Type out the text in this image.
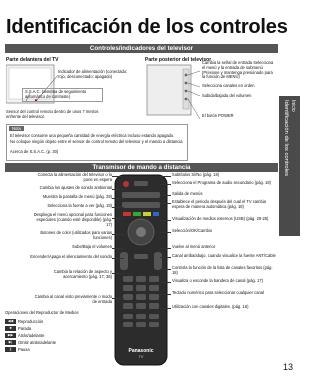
Identificación de los controles
Inicio
Identificación de los controles
Controles/indicadores del televisor
Parte delantera del TV	Parte posterior del televisor
Indicador de alimentación (conectado: rojo, desconectado: apagado)
S.S.A.C. (sistema de seguimiento automático de contraste)
Sensor del control remoto dentro de unos 7 metros enfrente del televisor.
Cambia la señal de entrada Selecciona el menú y la entrada de submenú (Presione y mantenga presionado para la función de MENÚ)
Selecciona canales en orden
Subida/bajada del volumen
El botón POWER
Nota
El televisor consume una pequeña cantidad de energía eléctrica incluso estando apagado.
No coloque ningún objeto entre el sensor de control remoto del televisor y el mando a distancia
Acerca de S.S.A.C. (p. 30)
Transmisor de mando a distancia
Panasonic
TV
Conecta la alimentación del televisor o lo pone en espera
Cambia los ajustes de sonido ambiental
Muestra la pantalla de menú (pág. 29)
Selecciona la fuente a ver (pág. 19)
Despliega el menú opcional para funciones especiales (cuando esté disponible) (pág. 17)
Botones de color (utilizados para varias funciones)
Sube/Baja el volumen
Encender/Apaga el silenciamiento del sonido
Cambia la relación de aspecto y acercamiento (pág. 17, 36)
Cambia al canal visto previamente o modo de entrada
Operaciones del Reproductor de Medios
◀◀	Reproducción
■	Parada
▶▶	Atrás/adelante
▶|	Omitir atrás/adelante
||	Pausa
Subtítulos Sí/No (pág. 18)
Selecciona el Programa de audio secundario (pág. 18)
Salida de menús
Establece el periodo después del cual el TV cambia espera de manera automática (pág. 18)
Visualización de medios externos (USB) (pág. 20-25)
Selección/OK/Cambio
Vuelve al menú anterior
Canal arriba/abajo, cuando visualice la fuente ANT/Cable
Controla la función de la lista de canales favoritos (pág. 18)
Visualiza o esconde la bandera de canal (pág. 17)
Teclado numérico para seleccionar cualquier canal
Utilización con canales digitales. (pág. 16)
13
